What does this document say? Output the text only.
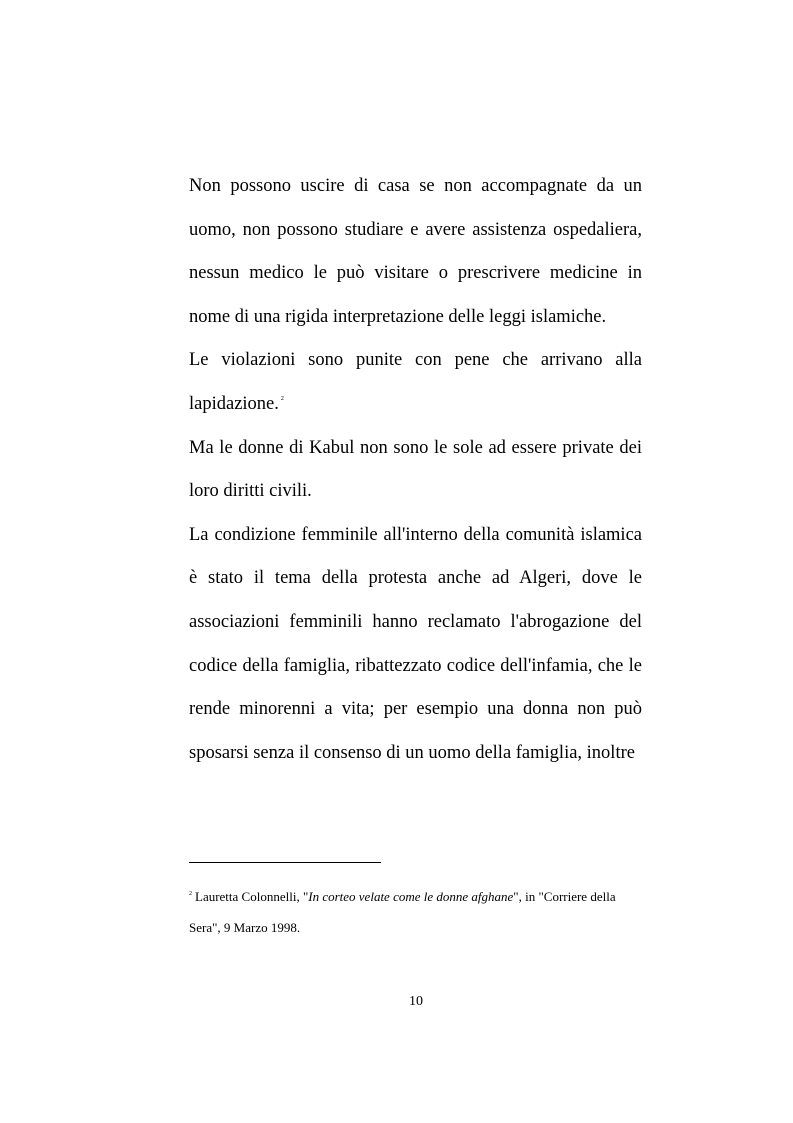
Non possono uscire di casa se non accompagnate da un uomo, non possono studiare e avere assistenza ospedaliera, nessun medico le può visitare o prescrivere medicine in nome di una rigida interpretazione delle leggi islamiche.

Le violazioni sono punite con pene che arrivano alla lapidazione. $^2$

Ma le donne di Kabul non sono le sole ad essere private dei loro diritti civili.

La condizione femminile all'interno della comunità islamica è stato il tema della protesta anche ad Algeri, dove le associazioni femminili hanno reclamato l'abrogazione del codice della famiglia, ribattezzato codice dell'infamia, che le rende minorenni a vita; per esempio una donna non può sposarsi senza il consenso di un uomo della famiglia, inoltre

$^2$ Lauretta Colonnelli, "In corteo velate come le donne afghane", in "Corriere della Sera", 9 Marzo 1998.

10
